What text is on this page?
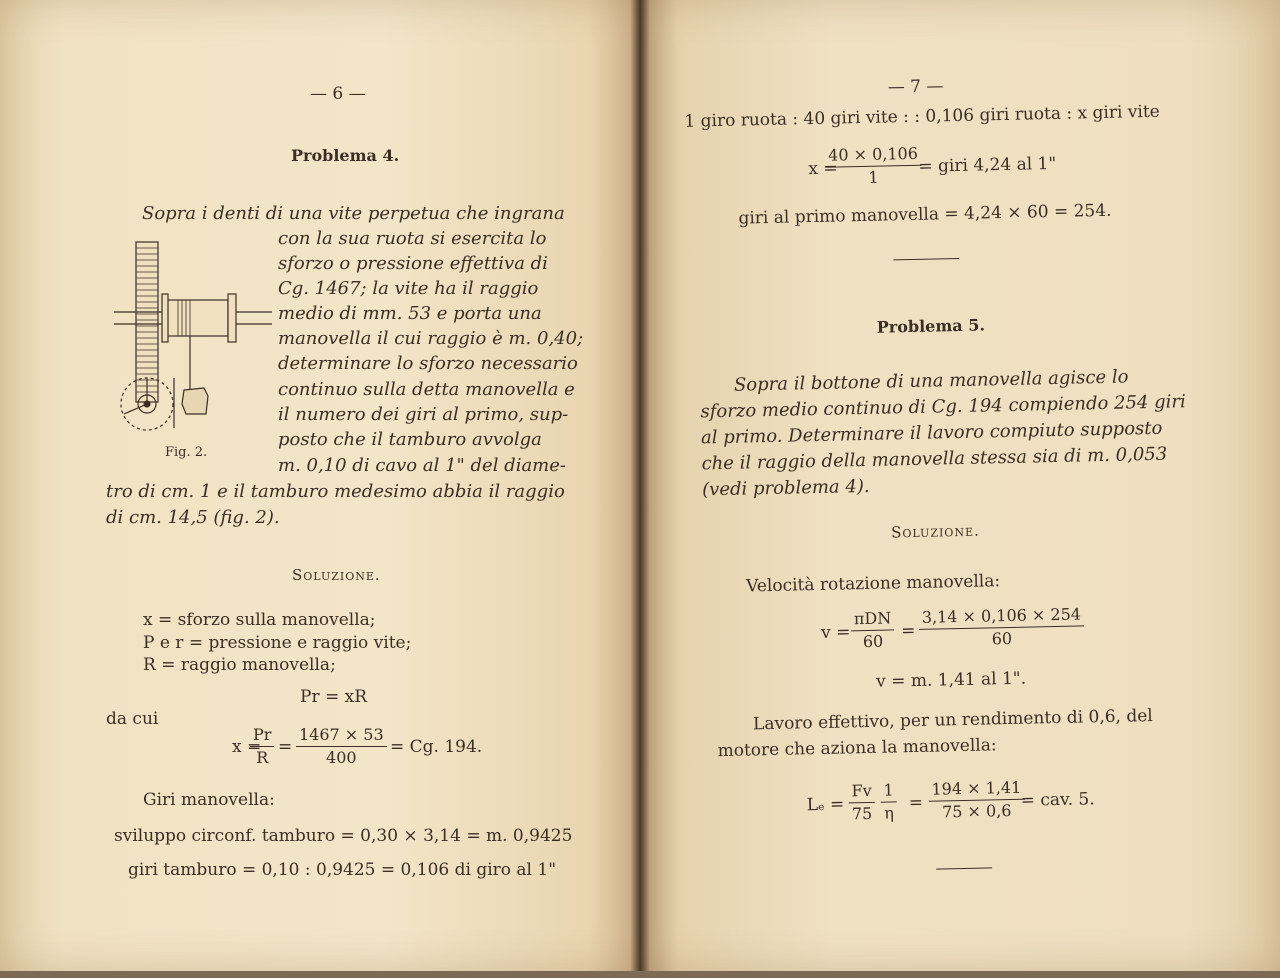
— 6 —
Problema 4.
Sopra i denti di una vite perpetua che ingrana
con la sua ruota si esercita lo
sforzo o pressione effettiva di
Cg. 1467; la vite ha il raggio
medio di mm. 53 e porta una
manovella il cui raggio è m. 0,40;
determinare lo sforzo necessario
continuo sulla detta manovella e
il numero dei giri al primo, sup-
posto che il tamburo avvolga
m. 0,10 di cavo al 1" del diame-
tro di cm. 1 e il tamburo medesimo abbia il raggio
di cm. 14,5 (fig. 2).
Fig. 2.
Soluzione.
x = sforzo sulla manovella;
P e r = pressione e raggio vite;
R = raggio manovella;
Pr = xR
da cui
x =
$\frac{Pr}{R} = \frac{1467 \times 53}{400} = Cg$. 194.
Giri manovella:
sviluppo circonf. tamburo = 0,30 × 3,14 = m. 0,9425
giri tamburo = 0,10 : 0,9425 = 0,106 di giro al 1"
— 7 —
1 giro ruota : 40 giri vite : : 0,106 giri ruota : x giri vite
x =
$\frac{40 \times 0,106}{1}$
= giri 4,24 al 1"
giri al primo manovella = 4,24 × 60 = 254.
Problema 5.
Sopra il bottone di una manovella agisce lo
sforzo medio continuo di Cg. 194 compiendo 254 giri
al primo. Determinare il lavoro compiuto supposto
che il raggio della manovella stessa sia di m. 0,053
(vedi problema 4).
Soluzione.
Velocità rotazione manovella:
v =
πDN
$60 = \frac{3,14 \times 0,106 \times 254}{60}$
v = m. 1,41 al 1".
Lavoro effettivo, per un rendimento di 0,6, del
motore che aziona la manovella:
$L_e = \frac{Fv}{75} \frac{1}{\eta} = \frac{194 \times 1,41}{75 \times 0,6}$
= cav. 5.
